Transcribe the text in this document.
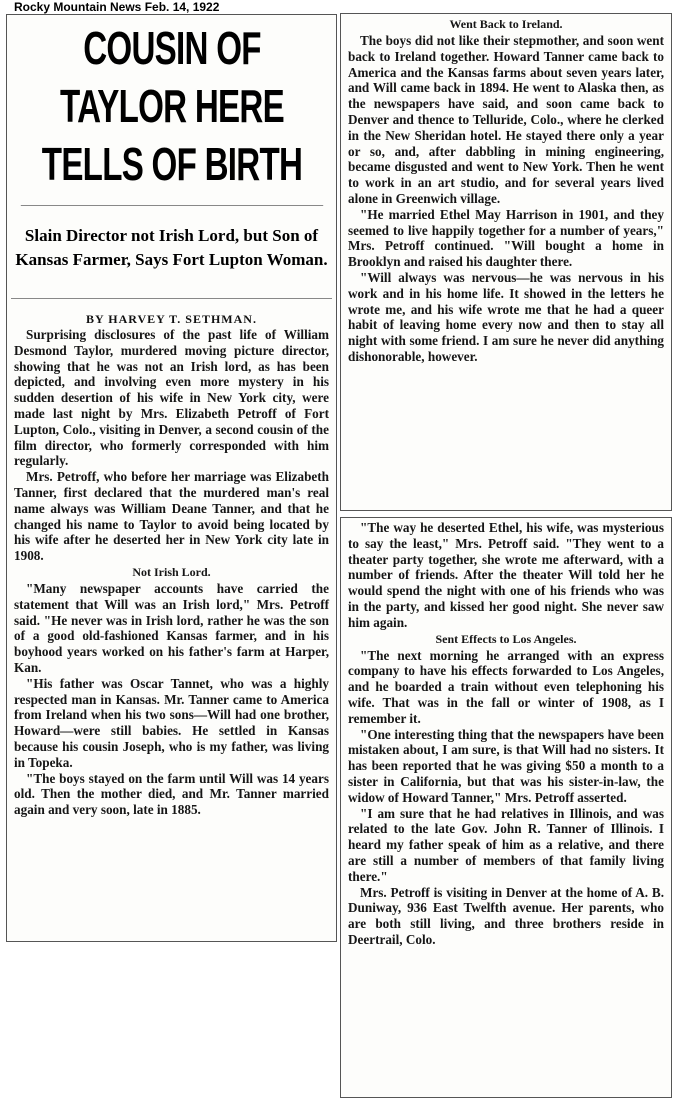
Rocky Mountain News Feb. 14, 1922
COUSIN OF TAYLOR HERE TELLS OF BIRTH
Slain Director not Irish Lord, but Son of Kansas Farmer, Says Fort Lupton Woman.
BY HARVEY T. SETHMAN.

Surprising disclosures of the past life of William Desmond Taylor, murdered moving picture director, showing that he was not an Irish lord, as has been depicted, and involving even more mystery in his sudden desertion of his wife in New York city, were made last night by Mrs. Elizabeth Petroff of Fort Lupton, Colo., visiting in Denver, a second cousin of the film director, who formerly corresponded with him regularly.

Mrs. Petroff, who before her marriage was Elizabeth Tanner, first declared that the murdered man's real name always was William Deane Tanner, and that he changed his name to Taylor to avoid being located by his wife after he deserted her in New York city late in 1908.

Not Irish Lord.

"Many newspaper accounts have carried the statement that Will was an Irish lord," Mrs. Petroff said. "He never was in Irish lord, rather he was the son of a good old-fashioned Kansas farmer, and in his boyhood years worked on his father's farm at Harper, Kan.

"His father was Oscar Tannet, who was a highly respected man in Kansas. Mr. Tanner came to America from Ireland when his two sons—Will had one brother, Howard—were still babies. He settled in Kansas because his cousin Joseph, who is my father, was living in Topeka.

"The boys stayed on the farm until Will was 14 years old. Then the mother died, and Mr. Tanner married again and very soon, late in 1885.

Went Back to Ireland.

The boys did not like their stepmother, and soon went back to Ireland together. Howard Tanner came back to America and the Kansas farms about seven years later, and Will came back in 1894. He went to Alaska then, as the newspapers have said, and soon came back to Denver and thence to Telluride, Colo., where he clerked in the New Sheridan hotel. He stayed there only a year or so, and, after dabbling in mining engineering, became disgusted and went to New York. Then he went to work in an art studio, and for several years lived alone in Greenwich village.

"He married Ethel May Harrison in 1901, and they seemed to live happily together for a number of years," Mrs. Petroff continued. "Will bought a home in Brooklyn and raised his daughter there.

"Will always was nervous—he was nervous in his work and in his home life. It showed in the letters he wrote me, and his wife wrote me that he had a queer habit of leaving home every now and then to stay all night with some friend. I am sure he never did anything dishonorable, however.

"The way he deserted Ethel, his wife, was mysterious to say the least," Mrs. Petroff said. "They went to a theater party together, she wrote me afterward, with a number of friends. After the theater Will told her he would spend the night with one of his friends who was in the party, and kissed her good night. She never saw him again.

Sent Effects to Los Angeles.

"The next morning he arranged with an express company to have his effects forwarded to Los Angeles, and he boarded a train without even telephoning his wife. That was in the fall or winter of 1908, as I remember it.

"One interesting thing that the newspapers have been mistaken about, I am sure, is that Will had no sisters. It has been reported that he was giving $50 a month to a sister in California, but that was his sister-in-law, the widow of Howard Tanner," Mrs. Petroff asserted.

"I am sure that he had relatives in Illinois, and was related to the late Gov. John R. Tanner of Illinois. I heard my father speak of him as a relative, and there are still a number of members of that family living there."

Mrs. Petroff is visiting in Denver at the home of A. B. Duniway, 936 East Twelfth avenue. Her parents, who are both still living, and three brothers reside in Deertrail, Colo.
